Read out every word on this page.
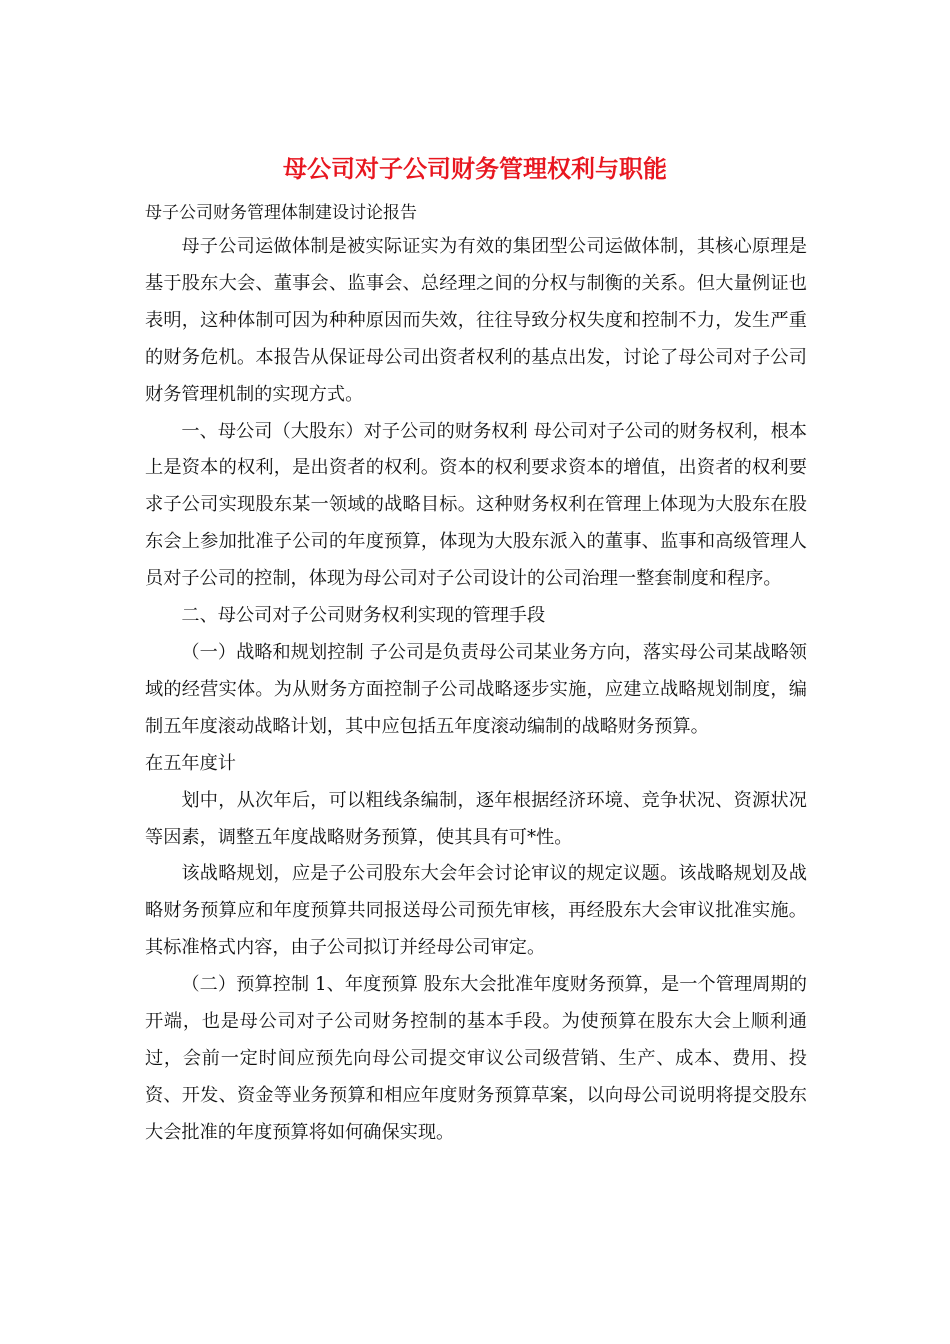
母公司对子公司财务管理权利与职能
母子公司财务管理体制建设讨论报告

母子公司运做体制是被实际证实为有效的集团型公司运做体制，其核心原理是基于股东大会、董事会、监事会、总经理之间的分权与制衡的关系。但大量例证也表明，这种体制可因为种种原因而失效，往往导致分权失度和控制不力，发生严重的财务危机。本报告从保证母公司出资者权利的基点出发，讨论了母公司对子公司财务管理机制的实现方式。

一、母公司（大股东）对子公司的财务权利 母公司对子公司的财务权利，根本上是资本的权利，是出资者的权利。资本的权利要求资本的增值，出资者的权利要求子公司实现股东某一领域的战略目标。这种财务权利在管理上体现为大股东在股东会上参加批准子公司的年度预算，体现为大股东派入的董事、监事和高级管理人员对子公司的控制，体现为母公司对子公司设计的公司治理一整套制度和程序。

二、母公司对子公司财务权利实现的管理手段

（一）战略和规划控制 子公司是负责母公司某业务方向，落实母公司某战略领域的经营实体。为从财务方面控制子公司战略逐步实施，应建立战略规划制度，编制五年度滚动战略计划，其中应包括五年度滚动编制的战略财务预算。

在五年度计

划中，从次年后，可以粗线条编制，逐年根据经济环境、竞争状况、资源状况等因素，调整五年度战略财务预算，使其具有可*性。

该战略规划，应是子公司股东大会年会讨论审议的规定议题。该战略规划及战略财务预算应和年度预算共同报送母公司预先审核，再经股东大会审议批准实施。其标准格式内容，由子公司拟订并经母公司审定。

（二）预算控制 1、年度预算 股东大会批准年度财务预算，是一个管理周期的开端，也是母公司对子公司财务控制的基本手段。为使预算在股东大会上顺利通过，会前一定时间应预先向母公司提交审议公司级营销、生产、成本、费用、投资、开发、资金等业务预算和相应年度财务预算草案，以向母公司说明将提交股东大会批准的年度预算将如何确保实现。
